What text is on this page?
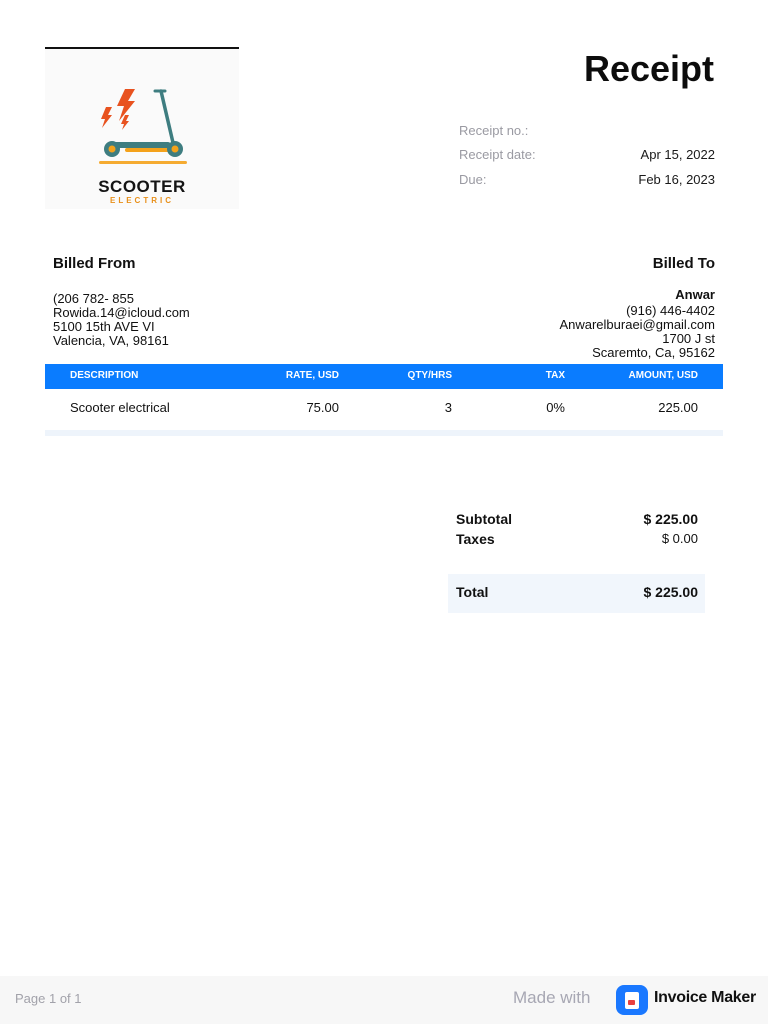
SCOOTER
ELECTRIC
Receipt
Receipt no.:
Receipt date:	Apr 15, 2022
Due:	Feb 16, 2023
Billed From	Billed To
(206 782- 855
Rowida.14@icloud.com
5100 15th AVE VI
Valencia, VA, 98161
Anwar
(916) 446-4402
Anwarelburaei@gmail.com
1700 J st
Scaremto, Ca, 95162
DESCRIPTION	RATE, USD	QTY/HRS	TAX	AMOUNT, USD
Scooter electrical	75.00	3	0%	225.00
Subtotal	$ 225.00
Taxes	$ 0.00
Total	$ 225.00
Page 1 of 1	Made with	Invoice Maker
